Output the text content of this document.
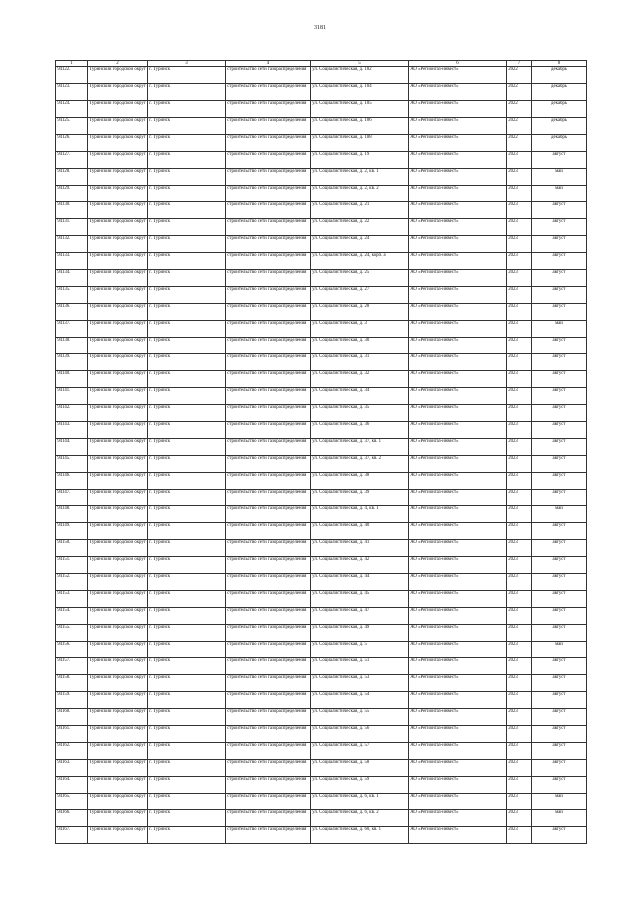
3181
1	2	3	4	5	6	7	8
94122.	Туринский городской округ	г. Туринск	строительство сети газораспределения	ул. Социалистическая, д. 182	АО «Регионгаз-инвест»	2022	декабрь
94123.	Туринский городской округ	г. Туринск	строительство сети газораспределения	ул. Социалистическая, д. 184	АО «Регионгаз-инвест»	2022	декабрь
94124.	Туринский городской округ	г. Туринск	строительство сети газораспределения	ул. Социалистическая, д. 185	АО «Регионгаз-инвест»	2022	декабрь
94125.	Туринский городской округ	г. Туринск	строительство сети газораспределения	ул. Социалистическая, д. 186	АО «Регионгаз-инвест»	2022	декабрь
94126.	Туринский городской округ	г. Туринск	строительство сети газораспределения	ул. Социалистическая, д. 188	АО «Регионгаз-инвест»	2022	декабрь
94127.	Туринский городской округ	г. Туринск	строительство сети газораспределения	ул. Социалистическая, д. 19	АО «Регионгаз-инвест»	2023	август
94128.	Туринский городской округ	г. Туринск	строительство сети газораспределения	ул. Социалистическая, д. 2, кв. 1	АО «Регионгаз-инвест»	2023	май
94129.	Туринский городской округ	г. Туринск	строительство сети газораспределения	ул. Социалистическая, д. 2, кв. 2	АО «Регионгаз-инвест»	2023	май
94130.	Туринский городской округ	г. Туринск	строительство сети газораспределения	ул. Социалистическая, д. 21	АО «Регионгаз-инвест»	2023	август
94131.	Туринский городской округ	г. Туринск	строительство сети газораспределения	ул. Социалистическая, д. 22	АО «Регионгаз-инвест»	2023	август
94132.	Туринский городской округ	г. Туринск	строительство сети газораспределения	ул. Социалистическая, д. 24	АО «Регионгаз-инвест»	2023	август
94133.	Туринский городской округ	г. Туринск	строительство сети газораспределения	ул. Социалистическая, д. 24, корп. а	АО «Регионгаз-инвест»	2023	август
94134.	Туринский городской округ	г. Туринск	строительство сети газораспределения	ул. Социалистическая, д. 25	АО «Регионгаз-инвест»	2023	август
94135.	Туринский городской округ	г. Туринск	строительство сети газораспределения	ул. Социалистическая, д. 27	АО «Регионгаз-инвест»	2023	август
94136.	Туринский городской округ	г. Туринск	строительство сети газораспределения	ул. Социалистическая, д. 28	АО «Регионгаз-инвест»	2023	август
94137.	Туринский городской округ	г. Туринск	строительство сети газораспределения	ул. Социалистическая, д. 3	АО «Регионгаз-инвест»	2023	май
94138.	Туринский городской округ	г. Туринск	строительство сети газораспределения	ул. Социалистическая, д. 30	АО «Регионгаз-инвест»	2023	август
94139.	Туринский городской округ	г. Туринск	строительство сети газораспределения	ул. Социалистическая, д. 31	АО «Регионгаз-инвест»	2023	август
94140.	Туринский городской округ	г. Туринск	строительство сети газораспределения	ул. Социалистическая, д. 32	АО «Регионгаз-инвест»	2023	август
94141.	Туринский городской округ	г. Туринск	строительство сети газораспределения	ул. Социалистическая, д. 34	АО «Регионгаз-инвест»	2023	август
94142.	Туринский городской округ	г. Туринск	строительство сети газораспределения	ул. Социалистическая, д. 35	АО «Регионгаз-инвест»	2023	август
94143.	Туринский городской округ	г. Туринск	строительство сети газораспределения	ул. Социалистическая, д. 36	АО «Регионгаз-инвест»	2023	август
94144.	Туринский городской округ	г. Туринск	строительство сети газораспределения	ул. Социалистическая, д. 37, кв. 1	АО «Регионгаз-инвест»	2023	август
94145.	Туринский городской округ	г. Туринск	строительство сети газораспределения	ул. Социалистическая, д. 37, кв. 2	АО «Регионгаз-инвест»	2023	август
94146.	Туринский городской округ	г. Туринск	строительство сети газораспределения	ул. Социалистическая, д. 38	АО «Регионгаз-инвест»	2023	август
94147.	Туринский городской округ	г. Туринск	строительство сети газораспределения	ул. Социалистическая, д. 39	АО «Регионгаз-инвест»	2023	август
94148.	Туринский городской округ	г. Туринск	строительство сети газораспределения	ул. Социалистическая, д. 4, кв. 1	АО «Регионгаз-инвест»	2023	май
94149.	Туринский городской округ	г. Туринск	строительство сети газораспределения	ул. Социалистическая, д. 40	АО «Регионгаз-инвест»	2023	август
94150.	Туринский городской округ	г. Туринск	строительство сети газораспределения	ул. Социалистическая, д. 41	АО «Регионгаз-инвест»	2023	август
94151.	Туринский городской округ	г. Туринск	строительство сети газораспределения	ул. Социалистическая, д. 42	АО «Регионгаз-инвест»	2023	август
94152.	Туринский городской округ	г. Туринск	строительство сети газораспределения	ул. Социалистическая, д. 44	АО «Регионгаз-инвест»	2023	август
94153.	Туринский городской округ	г. Туринск	строительство сети газораспределения	ул. Социалистическая, д. 45	АО «Регионгаз-инвест»	2023	август
94154.	Туринский городской округ	г. Туринск	строительство сети газораспределения	ул. Социалистическая, д. 47	АО «Регионгаз-инвест»	2023	август
94155.	Туринский городской округ	г. Туринск	строительство сети газораспределения	ул. Социалистическая, д. 49	АО «Регионгаз-инвест»	2023	август
94156.	Туринский городской округ	г. Туринск	строительство сети газораспределения	ул. Социалистическая, д. 5	АО «Регионгаз-инвест»	2023	май
94157.	Туринский городской округ	г. Туринск	строительство сети газораспределения	ул. Социалистическая, д. 51	АО «Регионгаз-инвест»	2023	август
94158.	Туринский городской округ	г. Туринск	строительство сети газораспределения	ул. Социалистическая, д. 53	АО «Регионгаз-инвест»	2023	август
94159.	Туринский городской округ	г. Туринск	строительство сети газораспределения	ул. Социалистическая, д. 54	АО «Регионгаз-инвест»	2023	август
94160.	Туринский городской округ	г. Туринск	строительство сети газораспределения	ул. Социалистическая, д. 55	АО «Регионгаз-инвест»	2023	август
94161.	Туринский городской округ	г. Туринск	строительство сети газораспределения	ул. Социалистическая, д. 56	АО «Регионгаз-инвест»	2023	август
94162.	Туринский городской округ	г. Туринск	строительство сети газораспределения	ул. Социалистическая, д. 57	АО «Регионгаз-инвест»	2023	август
94163.	Туринский городской округ	г. Туринск	строительство сети газораспределения	ул. Социалистическая, д. 58	АО «Регионгаз-инвест»	2023	август
94164.	Туринский городской округ	г. Туринск	строительство сети газораспределения	ул. Социалистическая, д. 59	АО «Регионгаз-инвест»	2023	август
94165.	Туринский городской округ	г. Туринск	строительство сети газораспределения	ул. Социалистическая, д. 6, кв. 1	АО «Регионгаз-инвест»	2023	май
94166.	Туринский городской округ	г. Туринск	строительство сети газораспределения	ул. Социалистическая, д. 6, кв. 2	АО «Регионгаз-инвест»	2023	май
94167.	Туринский городской округ	г. Туринск	строительство сети газораспределения	ул. Социалистическая, д. 60, кв. 1	АО «Регионгаз-инвест»	2023	август
